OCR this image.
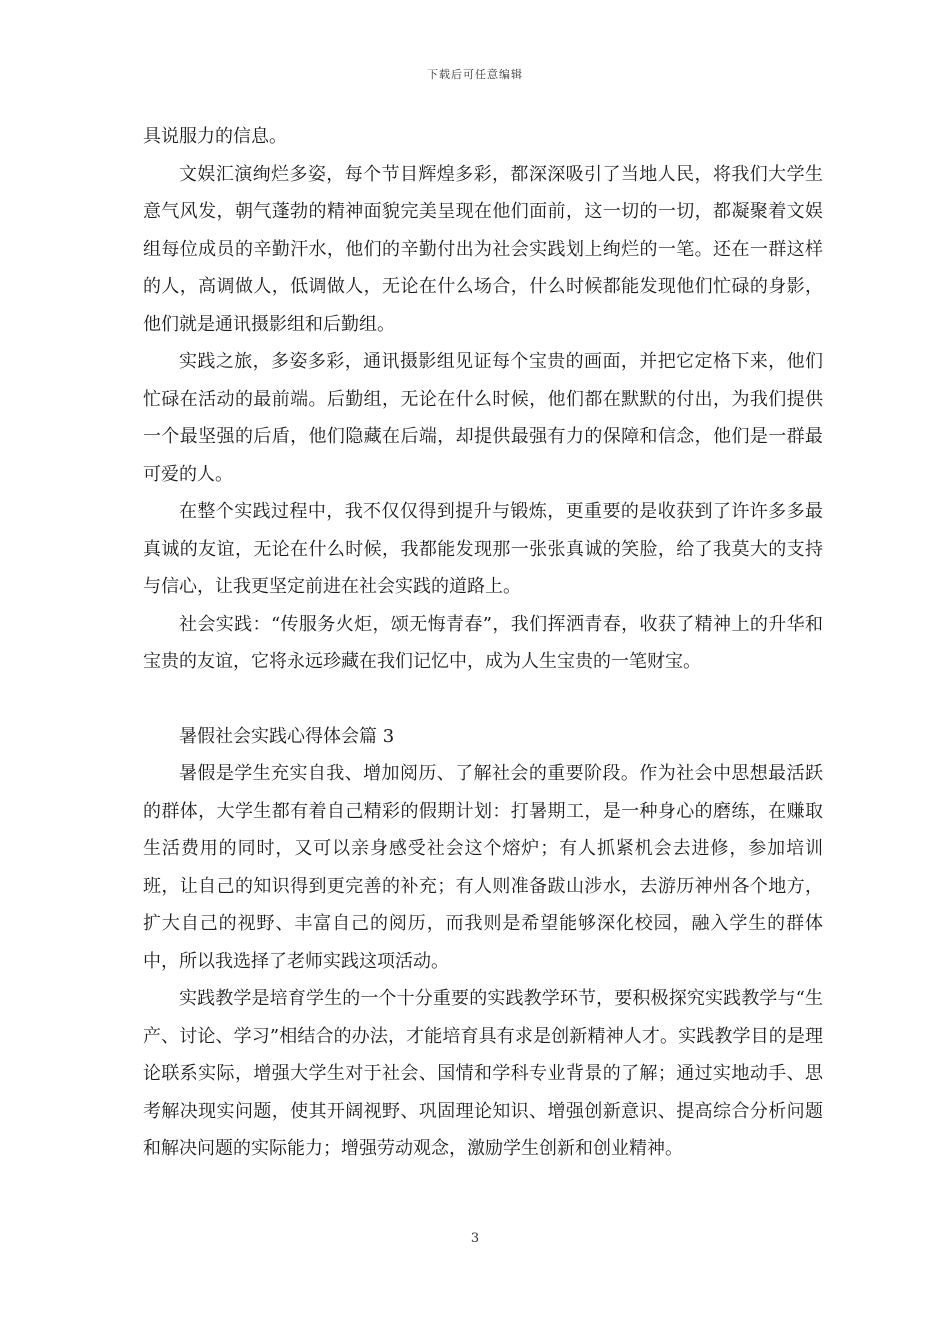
下载后可任意编辑

具说服力的信息。

文娱汇演绚烂多姿，每个节目辉煌多彩，都深深吸引了当地人民，将我们大学生意气风发，朝气蓬勃的精神面貌完美呈现在他们面前，这一切的一切，都凝聚着文娱组每位成员的辛勤汗水，他们的辛勤付出为社会实践划上绚烂的一笔。还在一群这样的人，高调做人，低调做人，无论在什么场合，什么时候都能发现他们忙碌的身影，他们就是通讯摄影组和后勤组。

实践之旅，多姿多彩，通讯摄影组见证每个宝贵的画面，并把它定格下来，他们忙碌在活动的最前端。后勤组，无论在什么时候，他们都在默默的付出，为我们提供一个最坚强的后盾，他们隐藏在后端，却提供最强有力的保障和信念，他们是一群最可爱的人。

在整个实践过程中，我不仅仅得到提升与锻炼，更重要的是收获到了许许多多最真诚的友谊，无论在什么时候，我都能发现那一张张真诚的笑脸，给了我莫大的支持与信心，让我更坚定前进在社会实践的道路上。

社会实践：“传服务火炬，颂无悔青春”，我们挥洒青春，收获了精神上的升华和宝贵的友谊，它将永远珍藏在我们记忆中，成为人生宝贵的一笔财宝。

暑假社会实践心得体会篇 3

暑假是学生充实自我、增加阅历、了解社会的重要阶段。作为社会中思想最活跃的群体，大学生都有着自己精彩的假期计划：打暑期工，是一种身心的磨练，在赚取生活费用的同时，又可以亲身感受社会这个熔炉；有人抓紧机会去进修，参加培训班，让自己的知识得到更完善的补充；有人则准备跋山涉水，去游历神州各个地方，扩大自己的视野、丰富自己的阅历，而我则是希望能够深化校园，融入学生的群体中，所以我选择了老师实践这项活动。

实践教学是培育学生的一个十分重要的实践教学环节，要积极探究实践教学与“生产、讨论、学习”相结合的办法，才能培育具有求是创新精神人才。实践教学目的是理论联系实际，增强大学生对于社会、国情和学科专业背景的了解；通过实地动手、思考解决现实问题，使其开阔视野、巩固理论知识、增强创新意识、提高综合分析问题和解决问题的实际能力；增强劳动观念，激励学生创新和创业精神。

3
